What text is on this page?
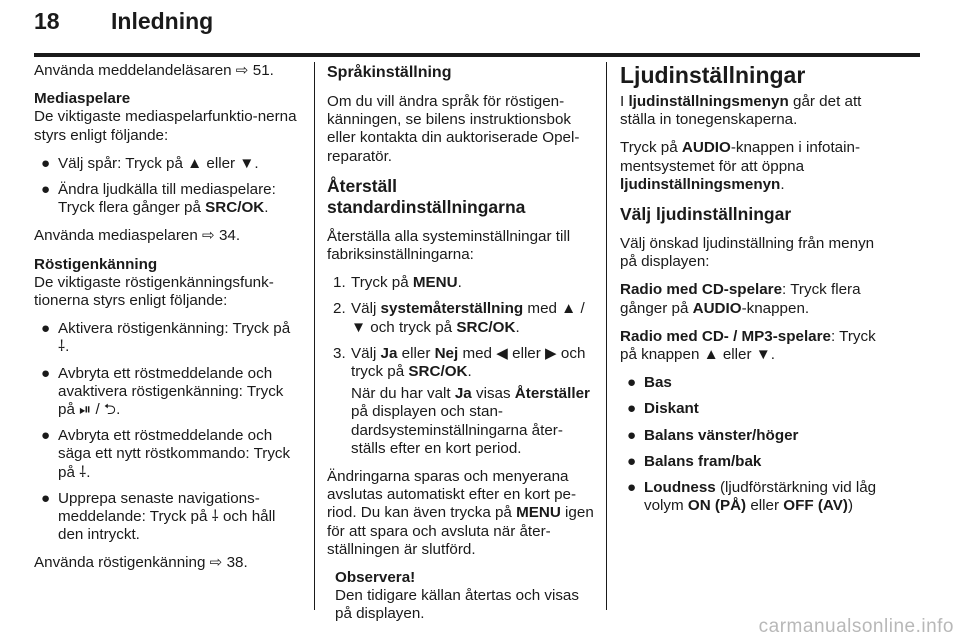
18 Inledning

Använda meddelandeläsaren ⇨ 51.

Mediaspelare

De viktigaste mediaspelarfunktio-nerna styrs enligt följande:

● Välj spår: Tryck på ▲ eller ▼.
● Ändra ljudkälla till mediaspelare: Tryck flera gånger på SRC/OK.

Använda mediaspelaren ⇨ 34.

Röstigenkänning

De viktigaste röstigenkänningsfunk-tionerna styrs enligt följande:

● Aktivera röstigenkänning: Tryck på ⸸.
● Avbryta ett röstmeddelande och avaktivera röstigenkänning: Tryck på ⏯ / ⮌.
● Avbryta ett röstmeddelande och säga ett nytt röstkommando: Tryck på ⸸.
● Upprepa senaste navigations-meddelande: Tryck på ⸸ och håll den intryckt.

Använda röstigenkänning ⇨ 38.

Språkinställning

Om du vill ändra språk för röstigen-känningen, se bilens instruktionsbok eller kontakta din auktoriserade Opel-reparatör.

Återställ standardinställningarna

Återställa alla systeminställningar till fabriksinställningarna:

1. Tryck på MENU.
2. Välj systemåterställning med ▲ / ▼ och tryck på SRC/OK.
3. Välj Ja eller Nej med ◀ eller ▶ och tryck på SRC/OK.

När du har valt Ja visas Återställer på displayen och stan-dardsysteminställningarna åter-ställs efter en kort period.

Ändringarna sparas och menyerana avslutas automatiskt efter en kort pe-riod. Du kan även trycka på MENU igen för att spara och avsluta när åter-ställningen är slutförd.

Observera!

Den tidigare källan återtas och visas på displayen.

Ljudinställningar

I ljudinställningsmenyn går det att ställa in tonegenskaperna.

Tryck på AUDIO-knappen i infotain-mentsystemet för att öppna ljudinställningsmenyn.

Välj ljudinställningar

Välj önskad ljudinställning från menyn på displayen:

Radio med CD-spelare: Tryck flera gånger på AUDIO-knappen.

Radio med CD- / MP3-spelare: Tryck på knappen ▲ eller ▼.

● Bas
● Diskant
● Balans vänster/höger
● Balans fram/bak
● Loudness (ljudförstärkning vid låg volym ON (PÅ) eller OFF (AV))
carmanualsonline.info
